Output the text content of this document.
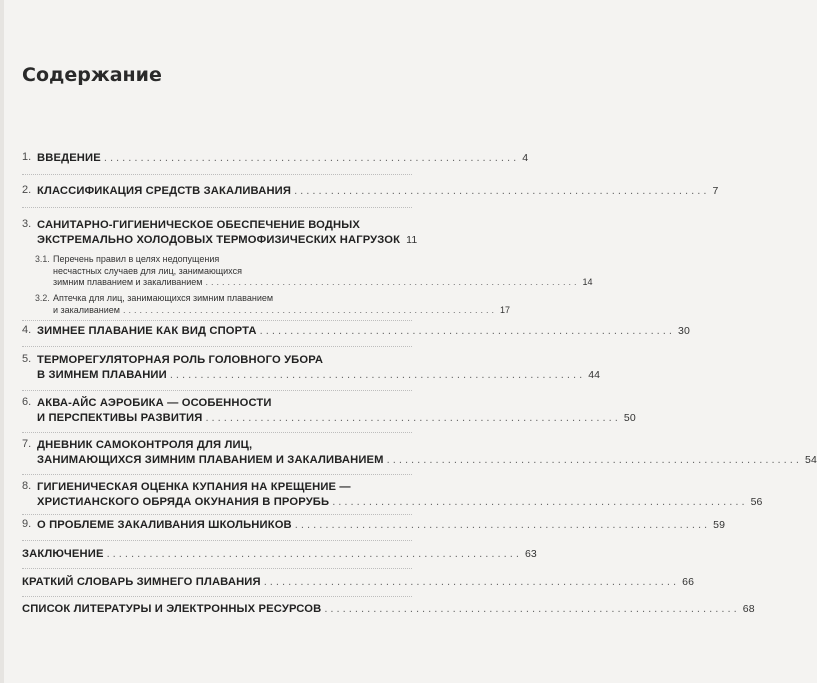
Содержание
1. ВВЕДЕНИЕ .................................................................... 4
2. КЛАССИФИКАЦИЯ СРЕДСТВ ЗАКАЛИВАНИЯ .................................................................... 7
3. САНИТАРНО-ГИГИЕНИЧЕСКОЕ ОБЕСПЕЧЕНИЕ ВОДНЫХ
ЭКСТРЕМАЛЬНО ХОЛОДОВЫХ ТЕРМОФИЗИЧЕСКИХ НАГРУЗОК 11
3.1. Перечень правил в целях недопущения
несчастных случаев для лиц, занимающихся
зимним плаванием и закаливанием .................................................................... 14
3.2. Аптечка для лиц, занимающихся зимним плаванием
и закаливанием .................................................................... 17
4. ЗИМНЕЕ ПЛАВАНИЕ КАК ВИД СПОРТА .................................................................... 30
5. ТЕРМОРЕГУЛЯТОРНАЯ РОЛЬ ГОЛОВНОГО УБОРА
В ЗИМНЕМ ПЛАВАНИИ .................................................................... 44
6. АКВА-АЙС АЭРОБИКА — ОСОБЕННОСТИ
И ПЕРСПЕКТИВЫ РАЗВИТИЯ .................................................................... 50
7. ДНЕВНИК САМОКОНТРОЛЯ ДЛЯ ЛИЦ,
ЗАНИМАЮЩИХСЯ ЗИМНИМ ПЛАВАНИЕМ И ЗАКАЛИВАНИЕМ .................................................................... 54
8. ГИГИЕНИЧЕСКАЯ ОЦЕНКА КУПАНИЯ НА КРЕЩЕНИЕ —
ХРИСТИАНСКОГО ОБРЯДА ОКУНАНИЯ В ПРОРУБЬ .................................................................... 56
9. О ПРОБЛЕМЕ ЗАКАЛИВАНИЯ ШКОЛЬНИКОВ .................................................................... 59
ЗАКЛЮЧЕНИЕ .................................................................... 63
КРАТКИЙ СЛОВАРЬ ЗИМНЕГО ПЛАВАНИЯ .................................................................... 66
СПИСОК ЛИТЕРАТУРЫ И ЭЛЕКТРОННЫХ РЕСУРСОВ .................................................................... 68
